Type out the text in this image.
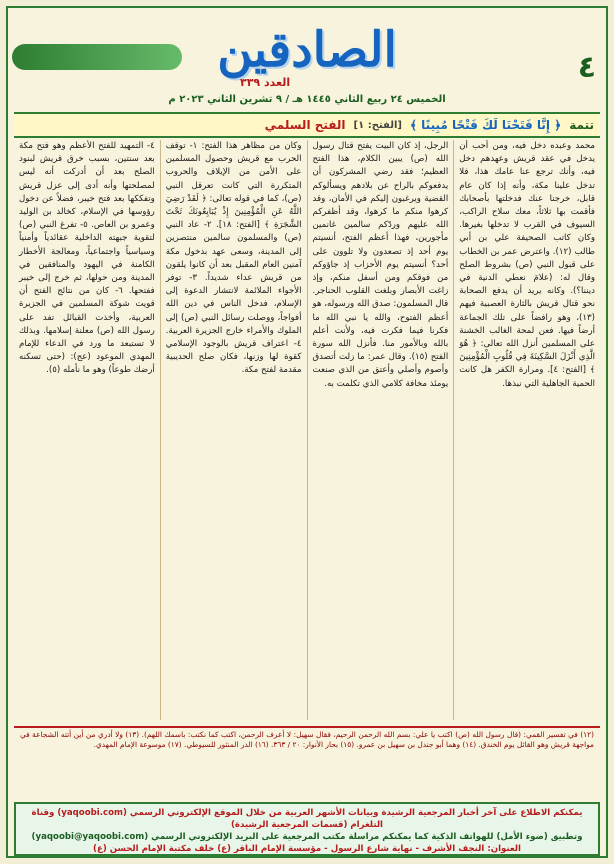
الصادقين	٤
العدد ٣٣٩
الخميس ٢٤ ربيع الثاني ١٤٤٥ هـ / ٩ تشرين الثاني ٢٠٢٣ م
تتمة
﴿ إِنَّا فَتَحْنَا لَكَ فَتْحًا مُبِينًا ﴾
[الفتح: ١]
الفتح السلمي
محمد وعبده دخل فيه، ومن أحب أن يدخل في عقد قريش وعهدهم دخل فيه، وأنك ترجع عنا عامك هذا، فلا تدخل علينا مكة، وأنه إذا كان عام قابل، خرجنا عنك فدخلتها بأصحابك فأقمت بها ثلاثاً، معك سلاح الراكب، السيوف في القرب لا تدخلها بغيرها. وكان كاتب الصحيفة علي بن أبي طالب (١٢). واعترض عمر بن الخطاب على قبول النبي (ص) بشروط الصلح وقال له: (علامَ نعطي الدنية في ديننا؟). وكانه يريد أن يدفع الصحابة نحو قتال قريش بالثارة العصبية فيهم (١٣)، وهو رافضاً على تلك الجماعة أرضاً فيها. فعن لمحة الغالب الخشنة على المسلمين أنزل الله تعالى: ﴿ هُوَ الَّذِي أَنْزَلَ السَّكِينَةَ فِي قُلُوبِ الْمُؤْمِنِينَ ﴾ [الفتح: ٤]. ومرارة الكفر هل كانت الحمية الجاهلية التي نبذها.
الرجل، إذ كان البيت يفتح قتال رسول الله (ص) يبين الكلام، هذا الفتح العظيم؛ فقد رضي المشركون أن يدفعوكم بالراح عن بلادهم ويسألوكم القضية ويرغبون إليكم في الأمان، وقد كرهوا منكم ما كرهوا، وقد أظفركم الله عليهم وردّكم سالمين غانمين مأجورين، فهذا أعظم الفتح، أنسيتم يوم أحد إذ تصعدون ولا تلوون على أحد؟ أنسيتم يوم الأحزاب إذ جاؤوكم من فوقكم ومن أسفل منكم، وإذ زاغت الأبصار وبلغت القلوب الحناجر. قال المسلمون: صدق الله ورسوله، هو أعظم الفتوح، والله يا نبي الله ما فكرنا فيما فكرت فيه، ولأنت أعلم بالله وبالأمور منا. فأنزل الله سورة الفتح (١٥). وقال عمر: ما زلت أتصدق وأصوم وأصلي وأعتق من الذي صنعت يومئذ مخافة كلامي الذي تكلمت به.
وكان من مظاهر هذا الفتح: ١- توقف الحرب مع قريش وحصول المسلمين على الأمن من الإيلاف والحروب المتكررة التي كانت تعرقل النبي (ص)، كما في قوله تعالى: ﴿ لَقَدْ رَضِيَ اللَّهُ عَنِ الْمُؤْمِنِينَ إِذْ يُبَايِعُونَكَ تَحْتَ الشَّجَرَةِ ﴾ [الفتح: ١٨]. ٢- عاد النبي (ص) والمسلمون سالمين منتصرين إلى المدينة، وسعى عهد بدخول مكة آمنين العام المقبل بعد أن كانوا يلقون من قريش عداء شديداً. ٣- توفر الأجواء الملائمة لانتشار الدعوة إلى الإسلام، فدخل الناس في دين الله أفواجاً، ووصلت رسائل النبي (ص) إلى الملوك والأمراء خارج الجزيرة العربية. ٤- اعتراف قريش بالوجود الإسلامي كقوة لها وزنها، فكان صلح الحديبية مقدمة لفتح مكة.
٤- التمهيد للفتح الأعظم وهو فتح مكة بعد سنتين، بسبب خرق قريش لبنود الصلح بعد أن أدركت أنه ليس لمصلحتها وأنه أدى إلى عزل قريش وتفككها بعد فتح خيبر، فضلاً عن دخول رؤوسها في الإسلام، كخالد بن الوليد وعمرو بن العاص. ٥- تفرغ النبي (ص) لتقوية جبهته الداخلية عقائدياً وأمنياً وسياسياً واجتماعياً، ومعالجة الأخطار الكامنة في اليهود والمنافقين في المدينة ومن حولها، ثم خرج إلى خيبر ففتحها. ٦- كان من نتائج الفتح أن قويت شوكة المسلمين في الجزيرة العربية، وأخذت القبائل تفد على رسول الله (ص) معلنة إسلامها. وبذلك لا تستبعد ما ورد في الدعاء للإمام المهدي الموعود (عج): (حتى تسكنه أرضك طوعاً) وهو ما نأمله (٥).
(١٢) في تفسير القمي: (قال رسول الله (ص) اكتب يا علي: بسم الله الرحمن الرحيم، فقال سهيل: لا أعرف الرحمن، اكتب كما نكتب: باسمك اللهم). (١٣) ولا أدري من أين أتته الشجاعة في مواجهة قريش وهو القائل يوم الخندق. (١٤) وهما أبو جندل بن سهيل بن عمرو. (١٥) بحار الأنوار: ٢٠ / ٣٦٣. (١٦) الدر المنثور للسيوطي. (١٧) موسوعة الإمام المهدي.
يمكنكم الاطلاع على آخر أخبار المرجعية الرشيدة وبيانات الأشهر العربية من خلال الموقع الإلكتروني الرسمي (yaqoobi.com) وقناة التلغرام (قسمات المرجعية الرشيدة)
وتطبيق (ضوء الأمل) للهواتف الذكية كما يمكنكم مراسلة مكتب المرجعية على البريد الإلكتروني الرسمي (yaqoobi@yaqoobi.com)
العنوان: النجف الأشرف - نهاية شارع الرسول - مؤسسة الإمام الباقر (ع) خلف مكتبة الإمام الحسن (ع)
